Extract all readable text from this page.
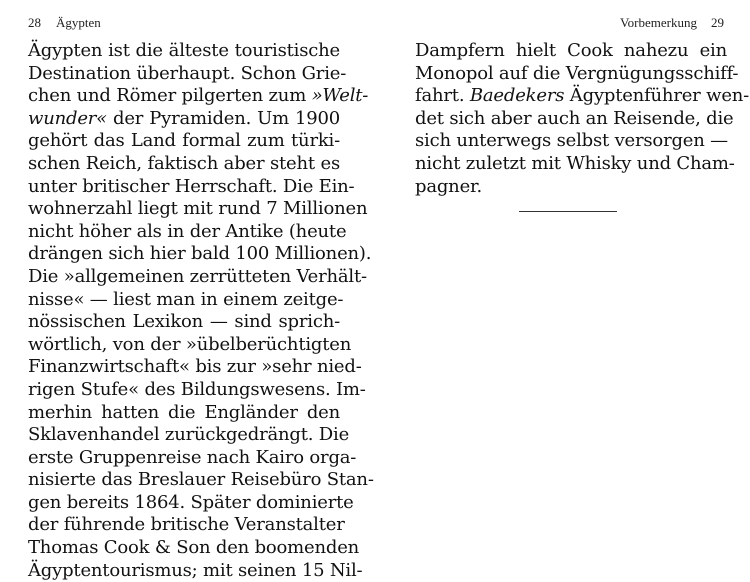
28 Ägypten
Ägypten ist die älteste touristische
Destination überhaupt. Schon Grie-
chen und Römer pilgerten zum »Welt-
wunder« der Pyramiden. Um 1900
gehört das Land formal zum türki-
schen Reich, faktisch aber steht es
unter britischer Herrschaft. Die Ein-
wohnerzahl liegt mit rund 7 Millionen
nicht höher als in der Antike (heute
drängen sich hier bald 100 Millionen).
Die »allgemeinen zerrütteten Verhält-
nisse« — liest man in einem zeitge-
nössischen Lexikon — sind sprich-
wörtlich, von der »übelberüchtigten
Finanzwirtschaft« bis zur »sehr nied-
rigen Stufe« des Bildungswesens. Im-
merhin hatten die Engländer den
Sklavenhandel zurückgedrängt. Die
erste Gruppenreise nach Kairo orga-
nisierte das Breslauer Reisebüro Stan-
gen bereits 1864. Später dominierte
der führende britische Veranstalter
Thomas Cook & Son den boomenden
Ägyptentourismus; mit seinen 15 Nil-
Vorbemerkung 29
Dampfern hielt Cook nahezu ein
Monopol auf die Vergnügungsschiff-
fahrt. Baedekers Ägyptenführer wen-
det sich aber auch an Reisende, die
sich unterwegs selbst versorgen —
nicht zuletzt mit Whisky und Cham-
pagner.
